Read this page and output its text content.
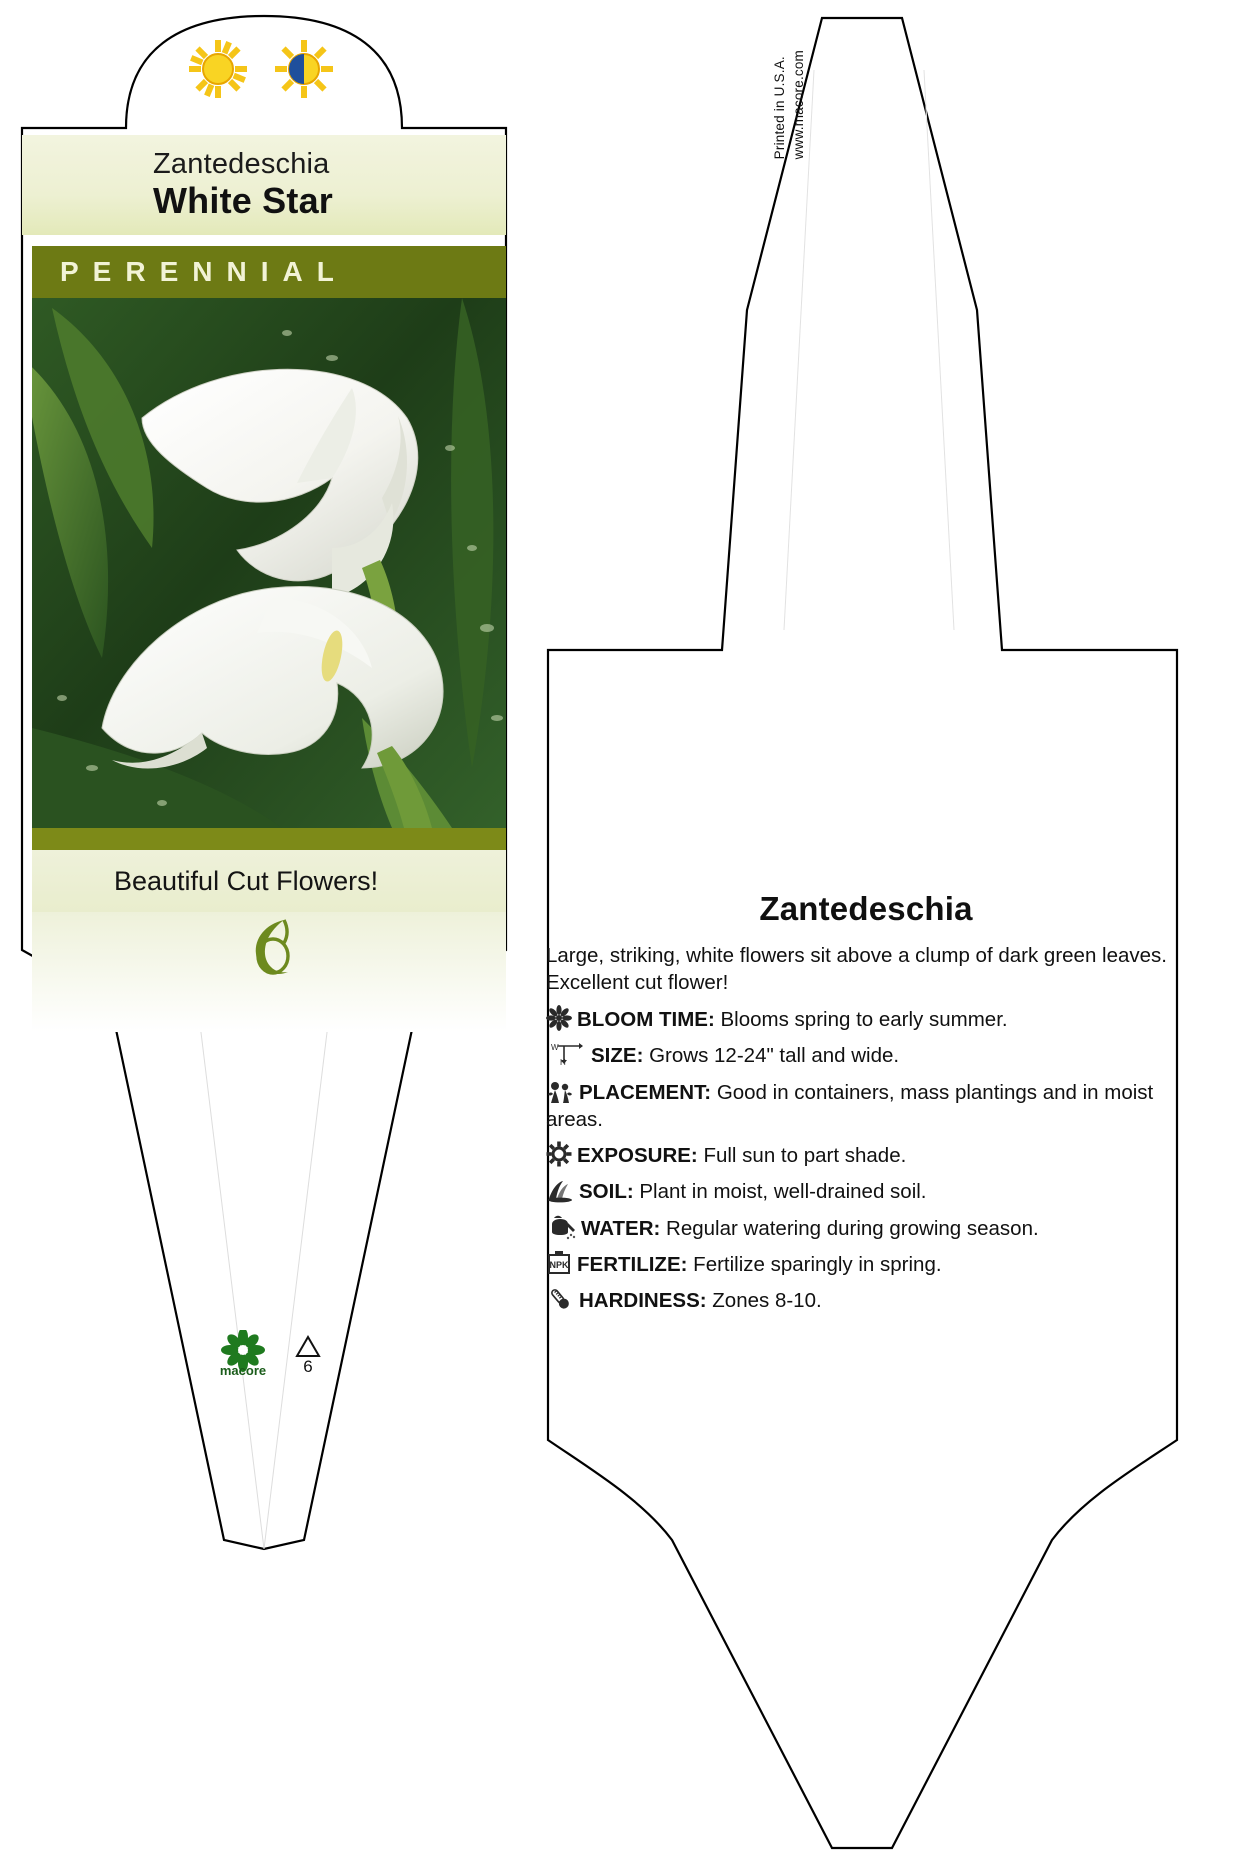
Zantedeschia
White Star
PERENNIAL
Beautiful Cut Flowers!
macore 6
Printed in U.S.A. www.macore.com
Zantedeschia
Large, striking, white flowers sit above a clump of dark green leaves. Excellent cut flower!
BLOOM TIME: Blooms spring to early summer.
W
H SIZE: Grows 12-24" tall and wide.
PLACEMENT: Good in containers, mass plantings and in moist areas.
EXPOSURE: Full sun to part shade.
SOIL: Plant in moist, well-drained soil.
WATER: Regular watering during growing season.
NPK FERTILIZE: Fertilize sparingly in spring.
HARDINESS: Zones 8-10.
